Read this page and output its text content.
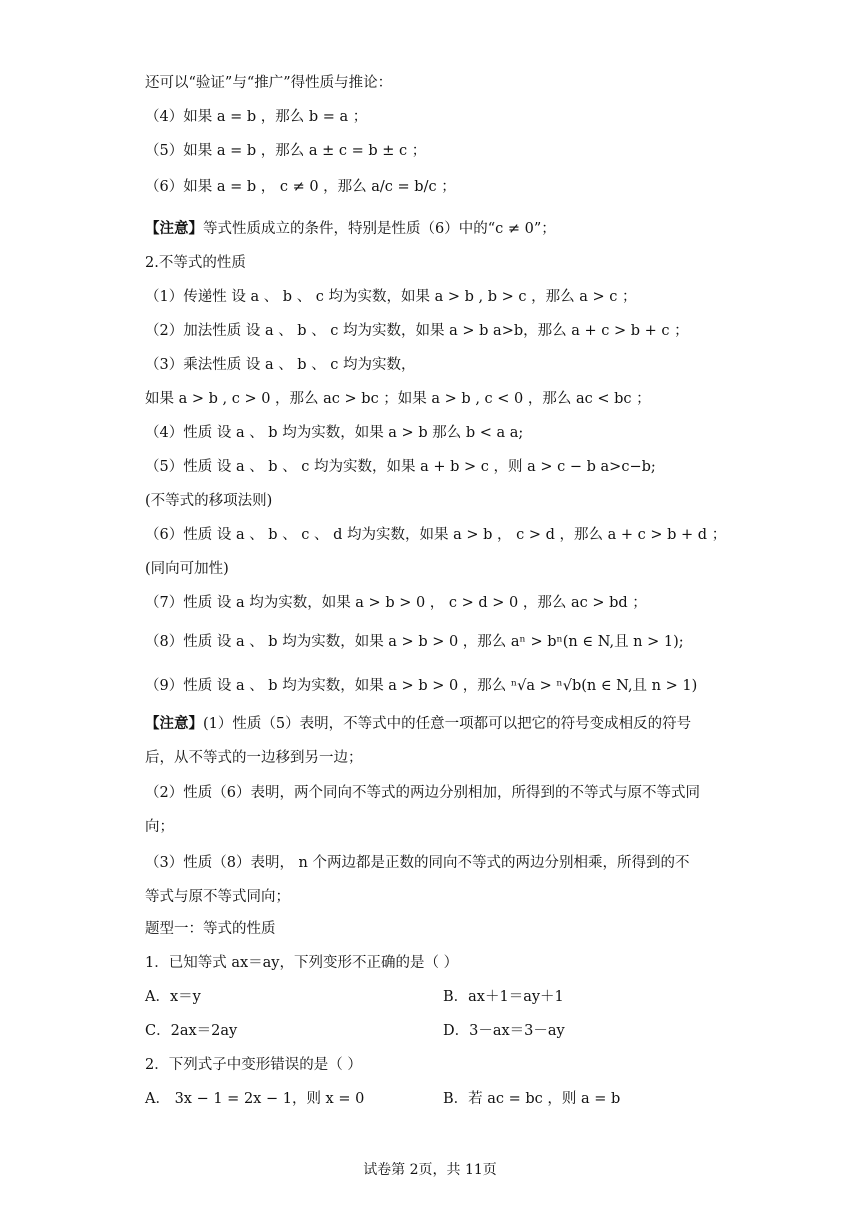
还可以“验证”与“推广”得性质与推论：
（4）如果 a = b ，那么 b = a ；
（5）如果 a = b ，那么 a ± c = b ± c ；
（6）如果 a = b ， c ≠ 0 ，那么 a/c = b/c ；
【注意】等式性质成立的条件，特别是性质（6）中的“c ≠ 0”；
2.不等式的性质
（1）传递性 设 a 、 b 、 c 均为实数，如果 a > b , b > c ，那么 a > c ；
（2）加法性质 设 a 、 b 、 c 均为实数，如果 a > b a>b，那么 a + c > b + c ；
（3）乘法性质 设 a 、 b 、 c 均为实数，
如果 a > b , c > 0 ，那么 ac > bc ；如果 a > b , c < 0 ，那么 ac < bc ；
（4）性质 设 a 、 b 均为实数，如果 a > b 那么 b < a a;
（5）性质 设 a 、 b 、 c 均为实数，如果 a + b > c ，则 a > c − b a>c−b;
(不等式的移项法则)
（6）性质 设 a 、 b 、 c 、 d 均为实数，如果 a > b ， c > d ，那么 a + c > b + d ；
(同向可加性)
（7）性质 设 a 均为实数，如果 a > b > 0 ， c > d > 0 ，那么 ac > bd ；
（8）性质 设 a 、 b 均为实数，如果 a > b > 0 ，那么 aⁿ > bⁿ(n ∈ N,且 n > 1);
（9）性质 设 a 、 b 均为实数，如果 a > b > 0 ，那么 ⁿ√a > ⁿ√b(n ∈ N,且 n > 1)
【注意】(1）性质（5）表明，不等式中的任意一项都可以把它的符号变成相反的符号
后，从不等式的一边移到另一边；
（2）性质（6）表明，两个同向不等式的两边分别相加，所得到的不等式与原不等式同
向；
（3）性质（8）表明， n 个两边都是正数的同向不等式的两边分别相乘，所得到的不
等式与原不等式同向；
题型一：等式的性质
1．已知等式 ax＝ay，下列变形不正确的是（ ）
A．x＝y	B．ax＋1＝ay＋1
C．2ax＝2ay	D．3－ax＝3－ay
2．下列式子中变形错误的是（ ）
A． 3x − 1 = 2x − 1，则 x = 0	B．若 ac = bc ，则 a = b
试卷第 2页，共 11页
